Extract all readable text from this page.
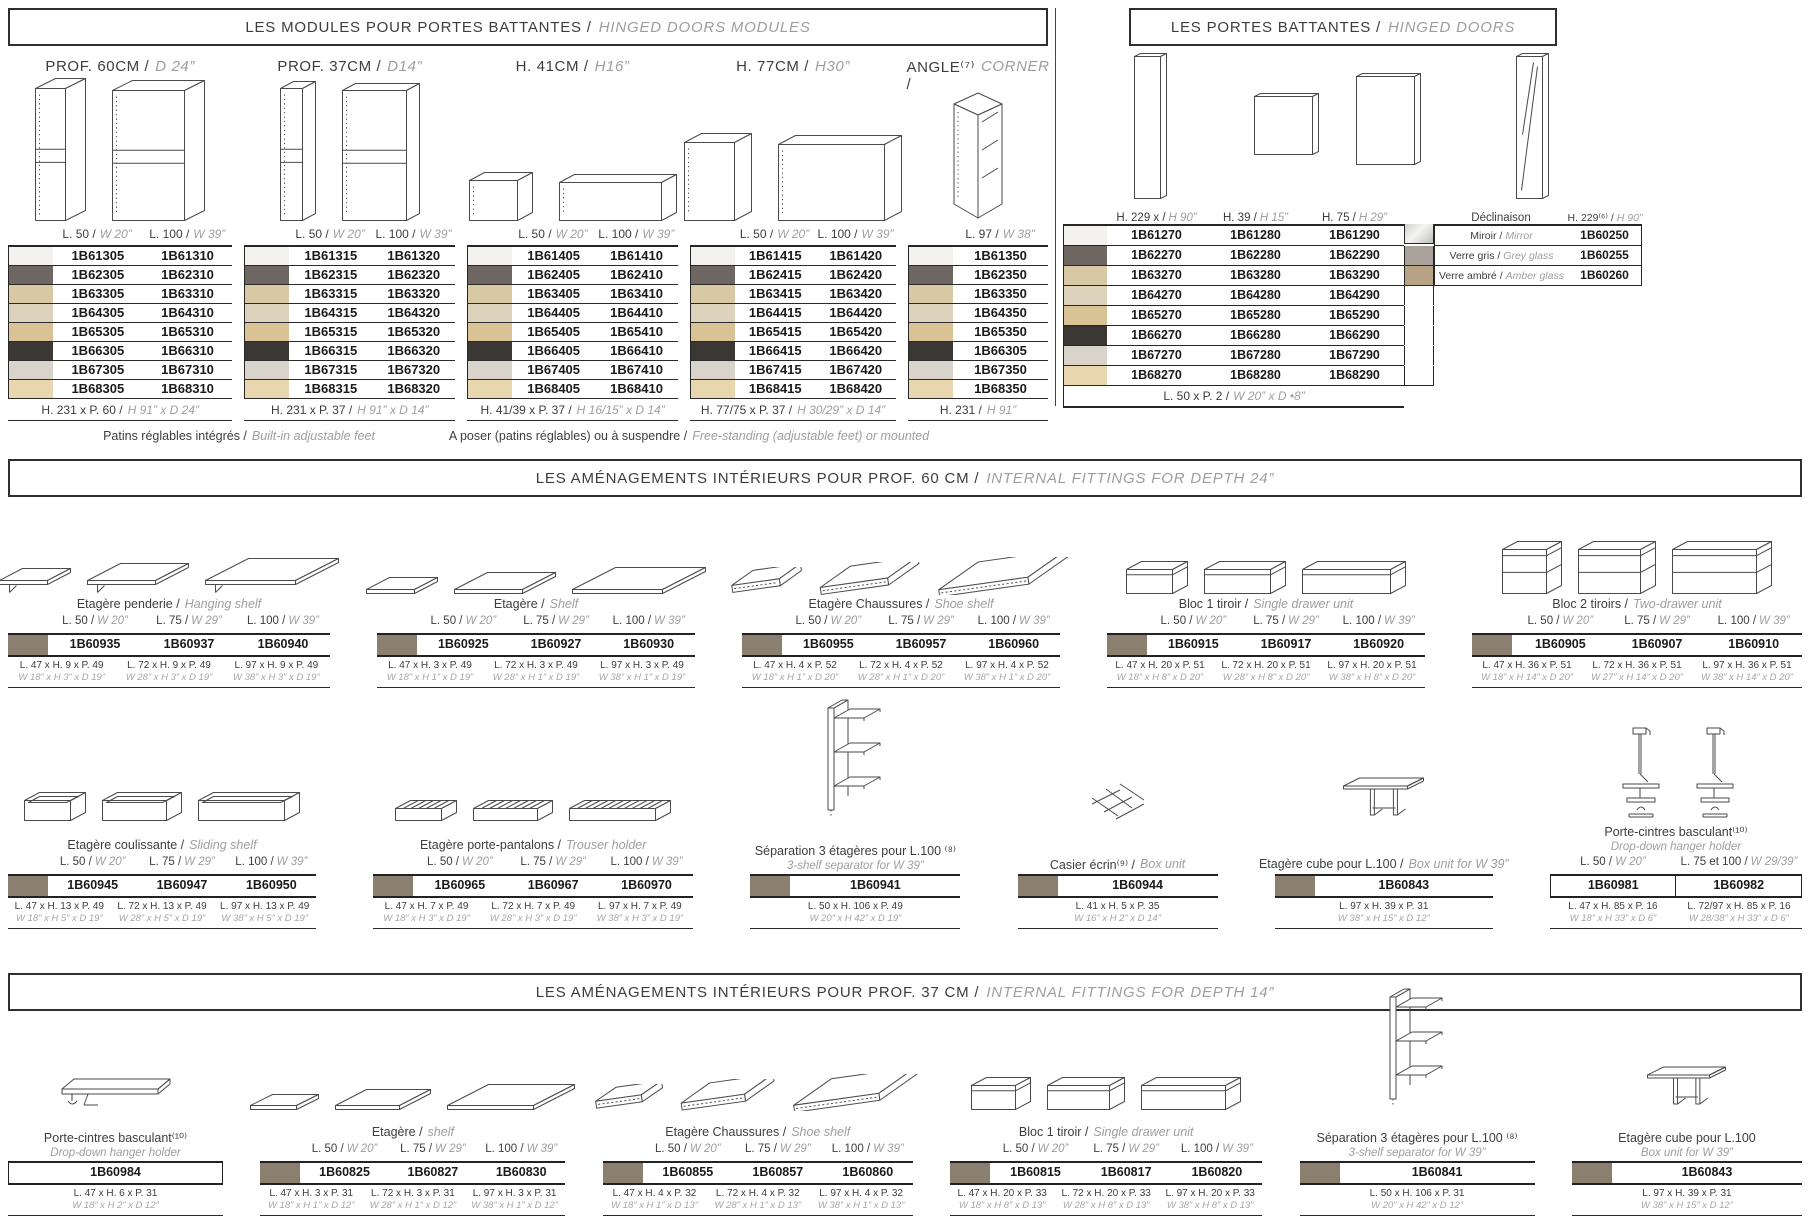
LES MODULES POUR PORTES BATTANTES / HINGED DOORS MODULES
PROF. 60CM / D 24”
L. 50 / W 20” L. 100 / W 39”
1B61305	1B61310
1B62305	1B62310
1B63305	1B63310
1B64305	1B64310
1B65305	1B65310
1B66305	1B66310
1B67305	1B67310
1B68305	1B68310
H. 231 x P. 60 / H 91” x D 24”
PROF. 37CM / D14”
L. 50 / W 20” L. 100 / W 39”
1B61315	1B61320
1B62315	1B62320
1B63315	1B63320
1B64315	1B64320
1B65315	1B65320
1B66315	1B66320
1B67315	1B67320
1B68315	1B68320
H. 231 x P. 37 / H 91” x D 14”
H. 41CM / H16”
L. 50 / W 20” L. 100 / W 39”
1B61405	1B61410
1B62405	1B62410
1B63405	1B63410
1B64405	1B64410
1B65405	1B65410
1B66405	1B66410
1B67405	1B67410
1B68405	1B68410
H. 41/39 x P. 37 / H 16/15” x D 14”
H. 77CM / H30”
L. 50 / W 20” L. 100 / W 39”
1B61415	1B61420
1B62415	1B62420
1B63415	1B63420
1B64415	1B64420
1B65415	1B65420
1B66415	1B66420
1B67415	1B67420
1B68415	1B68420
H. 77/75 x P. 37 / H 30/29” x D 14”
ANGLE⁽⁷⁾ /
CORNER
L. 97 / W 38”
1B61350
1B62350
1B63350
1B64350
1B65350
1B66305
1B67350
1B68350
H. 231 / H 91”
Patins réglables intégrés / Built-in adjustable feet	A poser (patins réglables) ou à suspendre / Free-standing (adjustable feet) or mounted
LES PORTES BATTANTES / HINGED DOORS
H. 229 x / H 90” H. 39 / H 15”	H. 75 / H 29”	Déclinaison	H. 229⁽⁶⁾ / H 90”
1B61270	1B61280	1B61290	Miroir / Mirror	1B60250
1B62270	1B62280	1B62290	Verre gris / Grey glass	1B60255
1B63270	1B63280	1B63290	Verre ambré / Amber glass	1B60260
1B64270	1B64280	1B64290
1B65270	1B65280	1B65290
1B66270	1B66280	1B66290
1B67270	1B67280	1B67290
1B68270	1B68280	1B68290
L. 50 x P. 2 / W 20” x D •8”
LES AMÉNAGEMENTS INTÉRIEURS POUR PROF. 60 CM / INTERNAL FITTINGS FOR DEPTH 24”
Etagère penderie / Hanging shelf
L. 50 / W 20” L. 75 / W 29” L. 100 / W 39”
1B60935	1B60937	1B60940
L. 47 x H. 9 x P. 49
W 18” x H 3” x D 19”
L. 72 x H. 9 x P. 49
W 28” x H 3” x D 19”
L. 97 x H. 9 x P. 49
W 38” x H 3” x D 19”
Etagère / Shelf
L. 50 / W 20” L. 75 / W 29” L. 100 / W 39”
1B60925	1B60927	1B60930
L. 47 x H. 3 x P. 49
W 18” x H 1” x D 19”
L. 72 x H. 3 x P. 49
W 28” x H 1” x D 19”
L. 97 x H. 3 x P. 49
W 38” x H 1” x D 19”
Etagère Chaussures / Shoe shelf
L. 50 / W 20” L. 75 / W 29” L. 100 / W 39”
1B60955	1B60957	1B60960
L. 47 x H. 4 x P. 52
W 18” x H 1” x D 20”
L. 72 x H. 4 x P. 52
W 28” x H 1” x D 20”
L. 97 x H. 4 x P. 52
W 38” x H 1” x D 20”
Bloc 1 tiroir / Single drawer unit
L. 50 / W 20” L. 75 / W 29” L. 100 / W 39”
1B60915	1B60917	1B60920
L. 47 x H. 20 x P. 51
W 18” x H 8” x D 20”
L. 72 x H. 20 x P. 51
W 28” x H 8” x D 20”
L. 97 x H. 20 x P. 51
W 38” x H 8” x D 20”
Bloc 2 tiroirs / Two-drawer unit
L. 50 / W 20”	L. 75 / W 29” L. 100 / W 39”
1B60905	1B60907	1B60910
L. 47 x H. 36 x P. 51
W 18” x H 14” x D 20”
L. 72 x H. 36 x P. 51
W 27” x H 14” x D 20”
L. 97 x H. 36 x P. 51
W 38” x H 14” x D 20”
Etagère coulissante / Sliding shelf
L. 50 / W 20” L. 75 / W 29” L. 100 / W 39”
1B60945	1B60947	1B60950
L. 47 x H. 13 x P. 49
W 18” x H 5” x D 19”
L. 72 x H. 13 x P. 49
W 28” x H 5” x D 19”
L. 97 x H. 13 x P. 49
W 38” x H 5” x D 19”
Etagère porte-pantalons / Trouser holder
L. 50 / W 20” L. 75 / W 29” L. 100 / W 39”
1B60965	1B60967	1B60970
L. 47 x H. 7 x P. 49
W 18” x H 3” x D 19”
L. 72 x H. 7 x P. 49
W 28” x H 3” x D 19”
L. 97 x H. 7 x P. 49
W 38” x H 3” x D 19”
Séparation 3 étagères pour L.100 ⁽⁸⁾
3-shelf separator for W 39”
1B60941
L. 50 x H. 106 x P. 49
W 20” x H 42” x D 19”
Casier écrin⁽⁹⁾ / Box unit
1B60944
L. 41 x H. 5 x P. 35
W 16” x H 2” x D 14”
Etagère cube pour L.100 / Box unit for W 39”
1B60843
L. 97 x H. 39 x P. 31
W 38” x H 15” x D 12”
Porte-cintres basculant⁽¹⁰⁾
Drop-down hanger holder
L. 50 / W 20”	L. 75 et 100 / W 29/39”
1B60981	1B60982
L. 47 x H. 85 x P. 16
W 18” x H 33” x D 6”
L. 72/97 x H. 85 x P. 16
W 28/38” x H 33” x D 6”
LES AMÉNAGEMENTS INTÉRIEURS POUR PROF. 37 CM / INTERNAL FITTINGS FOR DEPTH 14”
Porte-cintres basculant⁽¹⁰⁾
Drop-down hanger holder
1B60984
L. 47 x H. 6 x P. 31
W 18” x H 2” x D 12”
Etagère / shelf
L. 50 / W 20” L. 75 / W 29” L. 100 / W 39”
1B60825	1B60827	1B60830
L. 47 x H. 3 x P. 31
W 18” x H 1” x D 12”
L. 72 x H. 3 x P. 31
W 28” x H 1” x D 12”
L. 97 x H. 3 x P. 31
W 38” x H 1” x D 12”
Etagère Chaussures / Shoe shelf
L. 50 / W 20” L. 75 / W 29” L. 100 / W 39”
1B60855	1B60857	1B60860
L. 47 x H. 4 x P. 32
W 18” x H 1” x D 13”
L. 72 x H. 4 x P. 32
W 28” x H 1” x D 13”
L. 97 x H. 4 x P. 32
W 38” x H 1” x D 13”
Bloc 1 tiroir / Single drawer unit
L. 50 / W 20” L. 75 / W 29” L. 100 / W 39”
1B60815	1B60817	1B60820
L. 47 x H. 20 x P. 33
W 18” x H 8” x D 13”
L. 72 x H. 20 x P. 33
W 28” x H 8” x D 13”
L. 97 x H. 20 x P. 33
W 38” x H 8” x D 13”
Séparation 3 étagères pour L.100 ⁽⁸⁾
3-shelf separator for W 39”
1B60841
L. 50 x H. 106 x P. 31
W 20” x H 42” x D 12”
Etagère cube pour L.100
Box unit for W 39”
1B60843
L. 97 x H. 39 x P. 31
W 38” x H 15” x D 12”
